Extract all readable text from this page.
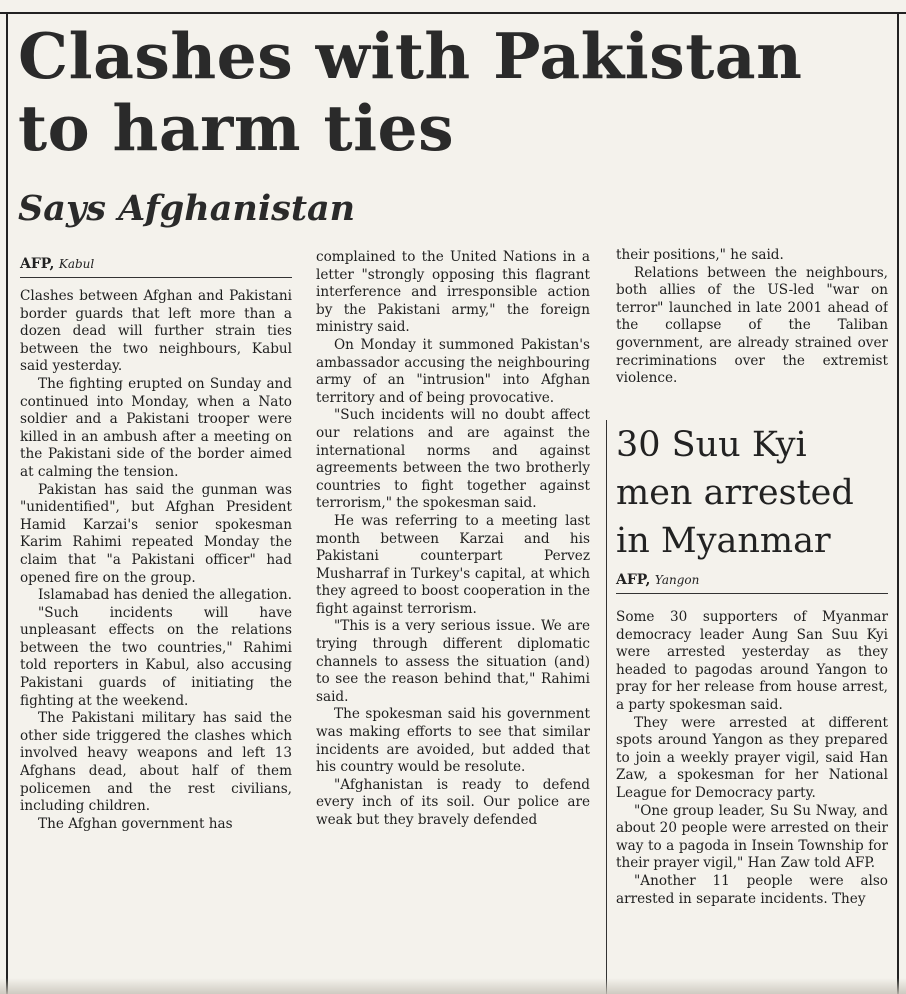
Clashes with Pakistan to harm ties
Says Afghanistan
AFP, Kabul

Clashes between Afghan and Pakistani border guards that left more than a dozen dead will further strain ties between the two neighbours, Kabul said yesterday.

The fighting erupted on Sunday and continued into Monday, when a Nato soldier and a Pakistani trooper were killed in an ambush after a meeting on the Pakistani side of the border aimed at calming the tension.

Pakistan has said the gunman was "unidentified", but Afghan President Hamid Karzai's senior spokesman Karim Rahimi repeated Monday the claim that "a Pakistani officer" had opened fire on the group.

Islamabad has denied the allegation.

"Such incidents will have unpleasant effects on the relations between the two countries," Rahimi told reporters in Kabul, also accusing Pakistani guards of initiating the fighting at the weekend.

The Pakistani military has said the other side triggered the clashes which involved heavy weapons and left 13 Afghans dead, about half of them policemen and the rest civilians, including children.

The Afghan government has

complained to the United Nations in a letter "strongly opposing this flagrant interference and irresponsible action by the Pakistani army," the foreign ministry said.

On Monday it summoned Pakistan's ambassador accusing the neighbouring army of an "intrusion" into Afghan territory and of being provocative.

"Such incidents will no doubt affect our relations and are against the international norms and against agreements between the two brotherly countries to fight together against terrorism," the spokesman said.

He was referring to a meeting last month between Karzai and his Pakistani counterpart Pervez Musharraf in Turkey's capital, at which they agreed to boost cooperation in the fight against terrorism.

"This is a very serious issue. We are trying through different diplomatic channels to assess the situation (and) to see the reason behind that," Rahimi said.

The spokesman said his government was making efforts to see that similar incidents are avoided, but added that his country would be resolute.

"Afghanistan is ready to defend every inch of its soil. Our police are weak but they bravely defended

their positions," he said.

Relations between the neighbours, both allies of the US-led "war on terror" launched in late 2001 ahead of the collapse of the Taliban government, are already strained over recriminations over the extremist violence.

30 Suu Kyi men arrested in Myanmar
AFP, Yangon

Some 30 supporters of Myanmar democracy leader Aung San Suu Kyi were arrested yesterday as they headed to pagodas around Yangon to pray for her release from house arrest, a party spokesman said.

They were arrested at different spots around Yangon as they prepared to join a weekly prayer vigil, said Han Zaw, a spokesman for her National League for Democracy party.

"One group leader, Su Su Nway, and about 20 people were arrested on their way to a pagoda in Insein Township for their prayer vigil," Han Zaw told AFP.

"Another 11 people were also arrested in separate incidents. They
